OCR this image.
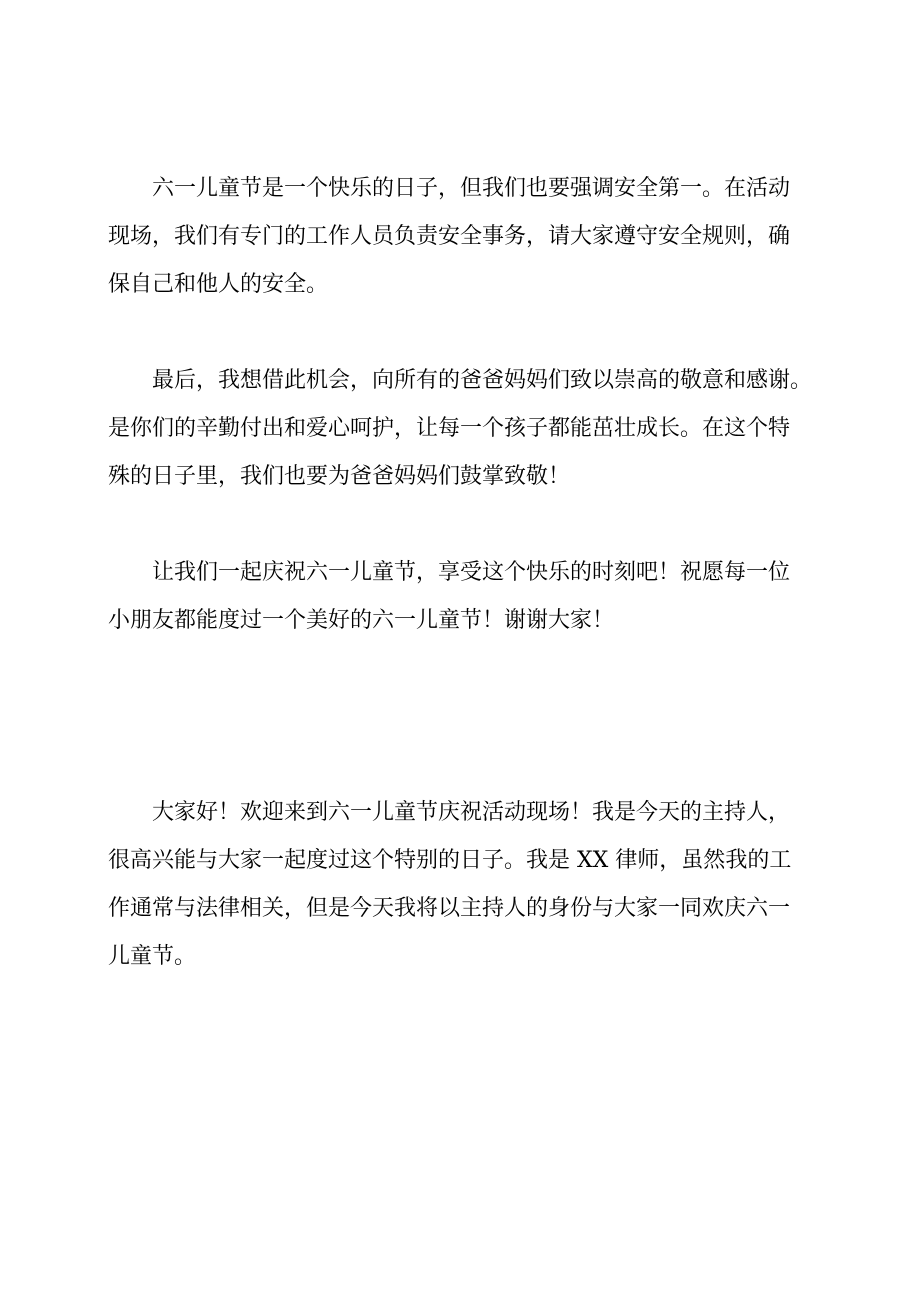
六一儿童节是一个快乐的日子，但我们也要强调安全第一。在活动
现场，我们有专门的工作人员负责安全事务，请大家遵守安全规则，确
保自己和他人的安全。

最后，我想借此机会，向所有的爸爸妈妈们致以崇高的敬意和感谢。
是你们的辛勤付出和爱心呵护，让每一个孩子都能茁壮成长。在这个特
殊的日子里，我们也要为爸爸妈妈们鼓掌致敬！

让我们一起庆祝六一儿童节，享受这个快乐的时刻吧！祝愿每一位
小朋友都能度过一个美好的六一儿童节！谢谢大家！

大家好！欢迎来到六一儿童节庆祝活动现场！我是今天的主持人，
很高兴能与大家一起度过这个特别的日子。我是 XX 律师，虽然我的工
作通常与法律相关，但是今天我将以主持人的身份与大家一同欢庆六一
儿童节。
